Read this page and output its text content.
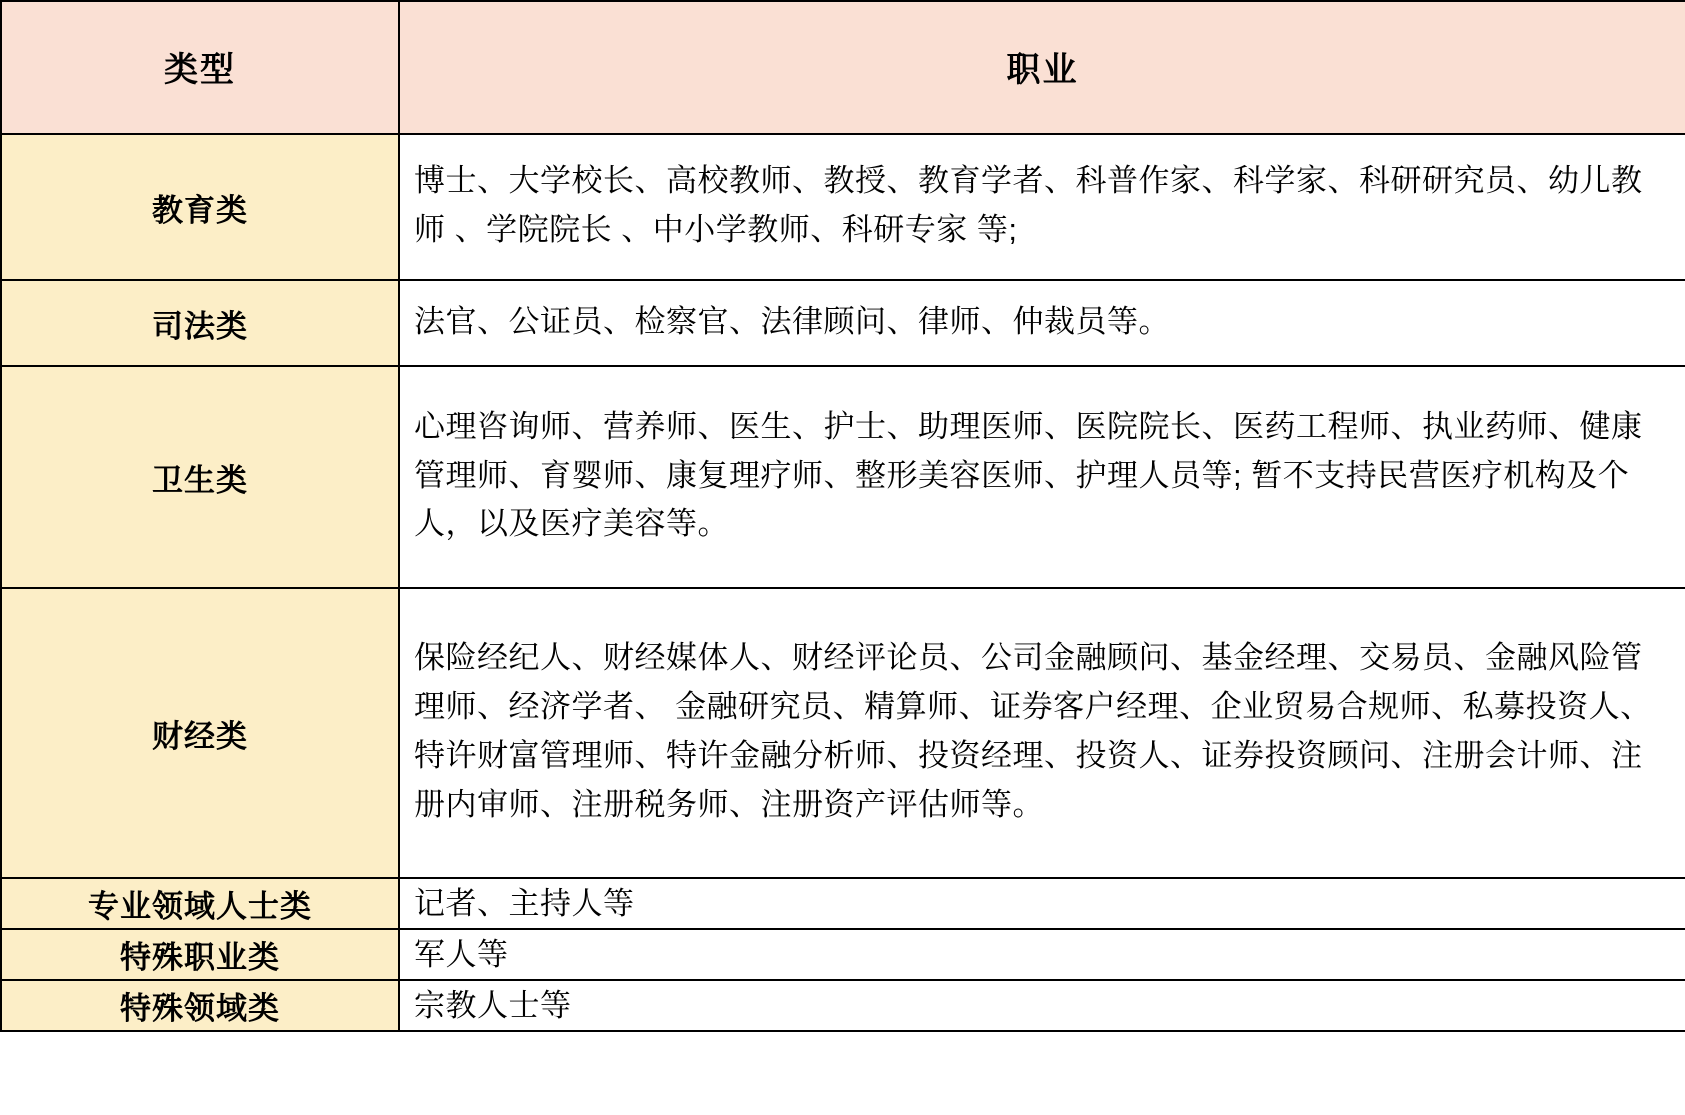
类型	职业
教育类	博士、大学校长、高校教师、教授、教育学者、科普作家、科学家、科研研究员、幼儿教师 、学院院长 、中小学教师、科研专家 等;
司法类	法官、公证员、检察官、法律顾问、律师、仲裁员等。
卫生类	心理咨询师、营养师、医生、护士、助理医师、医院院长、医药工程师、执业药师、健康管理师、育婴师、康复理疗师、整形美容医师、护理人员等; 暂不支持民营医疗机构及个人，以及医疗美容等。
财经类	保险经纪人、财经媒体人、财经评论员、公司金融顾问、基金经理、交易员、金融风险管理师、经济学者、 金融研究员、精算师、证券客户经理、企业贸易合规师、私募投资人、特许财富管理师、特许金融分析师、投资经理、投资人、证券投资顾问、注册会计师、注册内审师、注册税务师、注册资产评估师等。
专业领域人士类	记者、主持人等
特殊职业类	军人等
特殊领域类	宗教人士等
